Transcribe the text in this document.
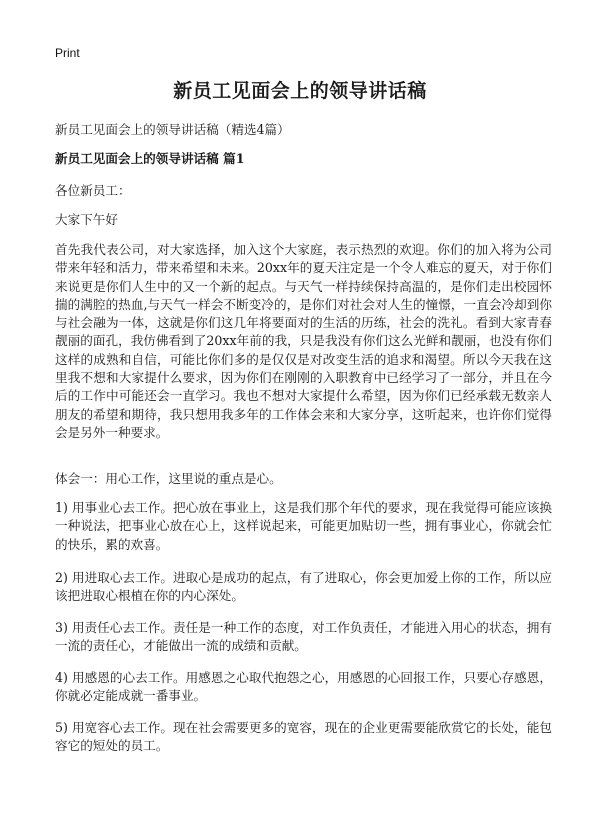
Print
新员工见面会上的领导讲话稿

新员工见面会上的领导讲话稿（精选4篇）

新员工见面会上的领导讲话稿 篇1

各位新员工：

大家下午好

首先我代表公司，对大家选择，加入这个大家庭，表示热烈的欢迎。你们的加入将为公司带来年轻和活力，带来希望和未来。20xx年的夏天注定是一个令人难忘的夏天，对于你们来说更是你们人生中的又一个新的起点。与天气一样持续保持高温的，是你们走出校园怀揣的满腔的热血,与天气一样会不断变冷的，是你们对社会对人生的憧憬，一直会冷却到你与社会融为一体，这就是你们这几年将要面对的生活的历练，社会的洗礼。看到大家青春靓丽的面孔，我仿佛看到了20xx年前的我，只是我没有你们这么光鲜和靓丽，也没有你们这样的成熟和自信，可能比你们多的是仅仅是对改变生活的追求和渴望。所以今天我在这里我不想和大家提什么要求，因为你们在刚刚的入职教育中已经学习了一部分，并且在今后的工作中可能还会一直学习。我也不想对大家提什么希望，因为你们已经承载无数亲人朋友的希望和期待，我只想用我多年的工作体会来和大家分享，这听起来，也许你们觉得会是另外一种要求。

体会一：用心工作，这里说的重点是心。

1) 用事业心去工作。把心放在事业上，这是我们那个年代的要求，现在我觉得可能应该换一种说法，把事业心放在心上，这样说起来，可能更加贴切一些，拥有事业心，你就会忙的快乐，累的欢喜。

2) 用进取心去工作。进取心是成功的起点，有了进取心，你会更加爱上你的工作，所以应该把进取心根植在你的内心深处。

3) 用责任心去工作。责任是一种工作的态度，对工作负责任，才能进入用心的状态，拥有一流的责任心，才能做出一流的成绩和贡献。

4) 用感恩的心去工作。用感恩之心取代抱怨之心，用感恩的心回报工作，只要心存感恩，你就必定能成就一番事业。

5) 用宽容心去工作。现在社会需要更多的宽容，现在的企业更需要能欣赏它的长处，能包容它的短处的员工。
